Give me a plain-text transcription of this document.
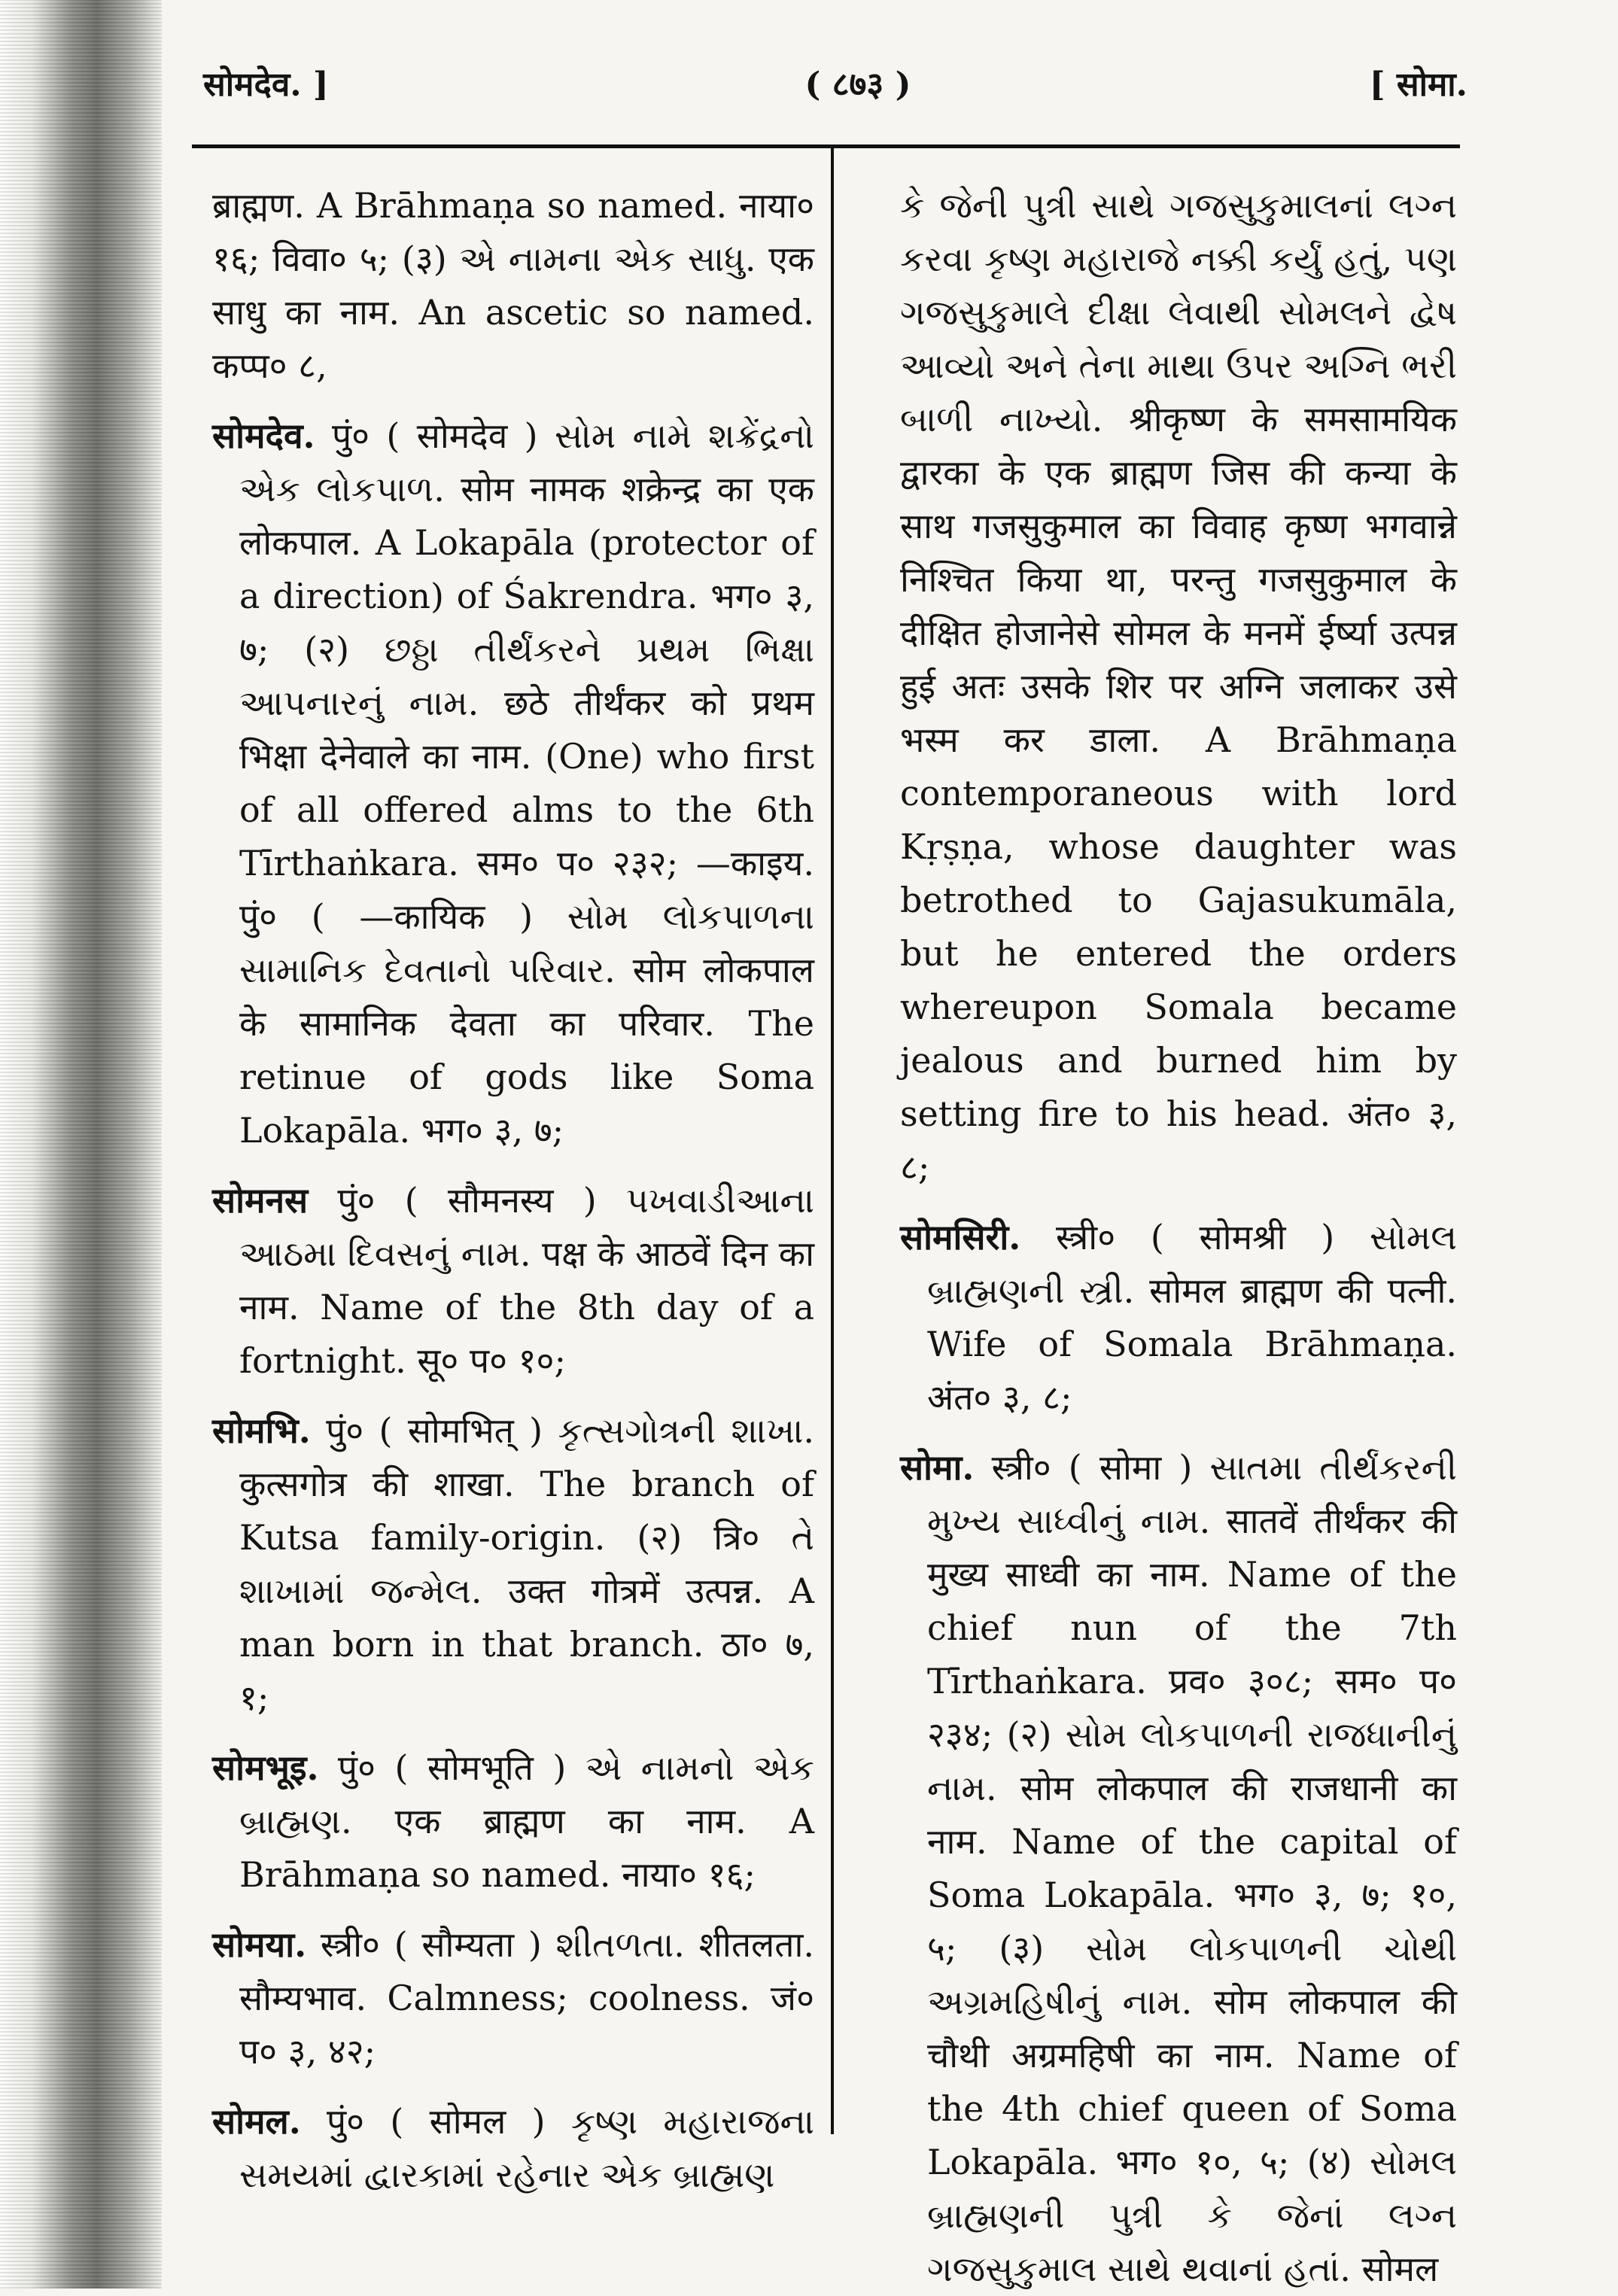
सोमदेव. ]	( ८७३ )	[ सोमा.

ब्राह्मण. A Brāhmaṇa so named. नाया० १६; विवा० ५; (३) એ નામના એક સાધુ. एक साधु का नाम. An ascetic so named. कप्प० ८,

सोमदेव. पुं० ( सोमदेव ) સોમ નામે શક્રેંદ્રનો એક લોકપાળ. सोम नामक शक्रेन्द्र का एक लोकपाल. A Lokapāla (protector of a direction) of Śakrendra. भग० ३, ७; (२) છઠ્ઠા તીર્થંકરને પ્રથમ ભિક્ષા આપનારનું નામ. छठे तीर्थंकर को प्रथम भिक्षा देनेवाले का नाम. (One) who first of all offered alms to the 6th Tīrthaṅkara. सम० प० २३२; —काइय. पुं० ( —कायिक ) સોમ લોકપાળના સામાનિક દેવતાનો પરિવાર. सोम लोकपाल के सामानिक देवता का परिवार. The retinue of gods like Soma Lokapāla. भग० ३, ७;

सोमनस पुं० ( सौमनस्य ) પખવાડીઆના આઠમા દિવસનું નામ. पक्ष के आठवें दिन का नाम. Name of the 8th day of a fortnight. सू० प० १०;

सोमभि. पुं० ( सोमभित् ) કૃત્સગોત્રની શાખા. कुत्सगोत्र की शाखा. The branch of Kutsa family-origin. (२) त्रि० તે શાખામાં જન્મેલ. उक्त गोत्रमें उत्पन्न. A man born in that branch. ठा० ७, १;

सोमभूइ. पुं० ( सोमभूति ) એ નામનો એક બ્રાહ્મણ. एक ब्राह्मण का नाम. A Brāhmaṇa so named. नाया० १६;

सोमया. स्त्री० ( सौम्यता ) શીતળતા. शीतलता. सौम्यभाव. Calmness; coolness. जं० प० ३, ४२;

सोमल. पुं० ( सोमल ) કૃષ્ણ મહારાજના સમયમાં દ્વારકામાં રહેનાર એક બ્રાહ્મણ

કે જેની પુત્રી સાથે ગજસુકુમાલનાં લગ્ન કરવા કૃષ્ણ મહારાજે નક્કી કર્યું હતું, પણ ગજસુકુમાલે દીક્ષા લેવાથી સોમલને દ્વેષ આવ્યો અને તેના માથા ઉપર અગ્નિ ભરી બાળી નાખ્યો. श्रीकृष्ण के समसामयिक द्वारका के एक ब्राह्मण जिस की कन्या के साथ गजसुकुमाल का विवाह कृष्ण भगवान्ने निश्चित किया था, परन्तु गजसुकुमाल के दीक्षित होजानेसे सोमल के मनमें ईर्ष्या उत्पन्न हुई अतः उसके शिर पर अग्नि जलाकर उसे भस्म कर डाला. A Brāhmaṇa contemporaneous with lord Kṛṣṇa, whose daughter was betrothed to Gajasukumāla, but he entered the orders whereupon Somala became jealous and burned him by setting fire to his head. अंत० ३, ८;

सोमसिरी. स्त्री० ( सोमश्री ) સોમલ બ્રાહ્મણની સ્ત્રી. सोमल ब्राह्मण की पत्नी. Wife of Somala Brāhmaṇa. अंत० ३, ८;

सोमा. स्त्री० ( सोमा ) સાતમા તીર્થંકરની મુખ્ય સાધ્વીનું નામ. सातवें तीर्थंकर की मुख्य साध्वी का नाम. Name of the chief nun of the 7th Tīrthaṅkara. प्रव० ३०८; सम० प० २३४; (२) સોમ લોકપાળની રાજધાનીનું નામ. सोम लोकपाल की राजधानी का नाम. Name of the capital of Soma Lokapāla. भग० ३, ७; १०, ५; (३) સોમ લોકપાળની ચોથી અગ્રમહિષીનું નામ. सोम लोकपाल की चौथी अग्रमहिषी का नाम. Name of the 4th chief queen of Soma Lokapāla. भग० १०, ५; (४) સોમલ બ્રાહ્મણની પુત્રી કે જેનાં લગ્ન ગજસુકુમાલ સાથે થવાનાં હતાં. सोमल
